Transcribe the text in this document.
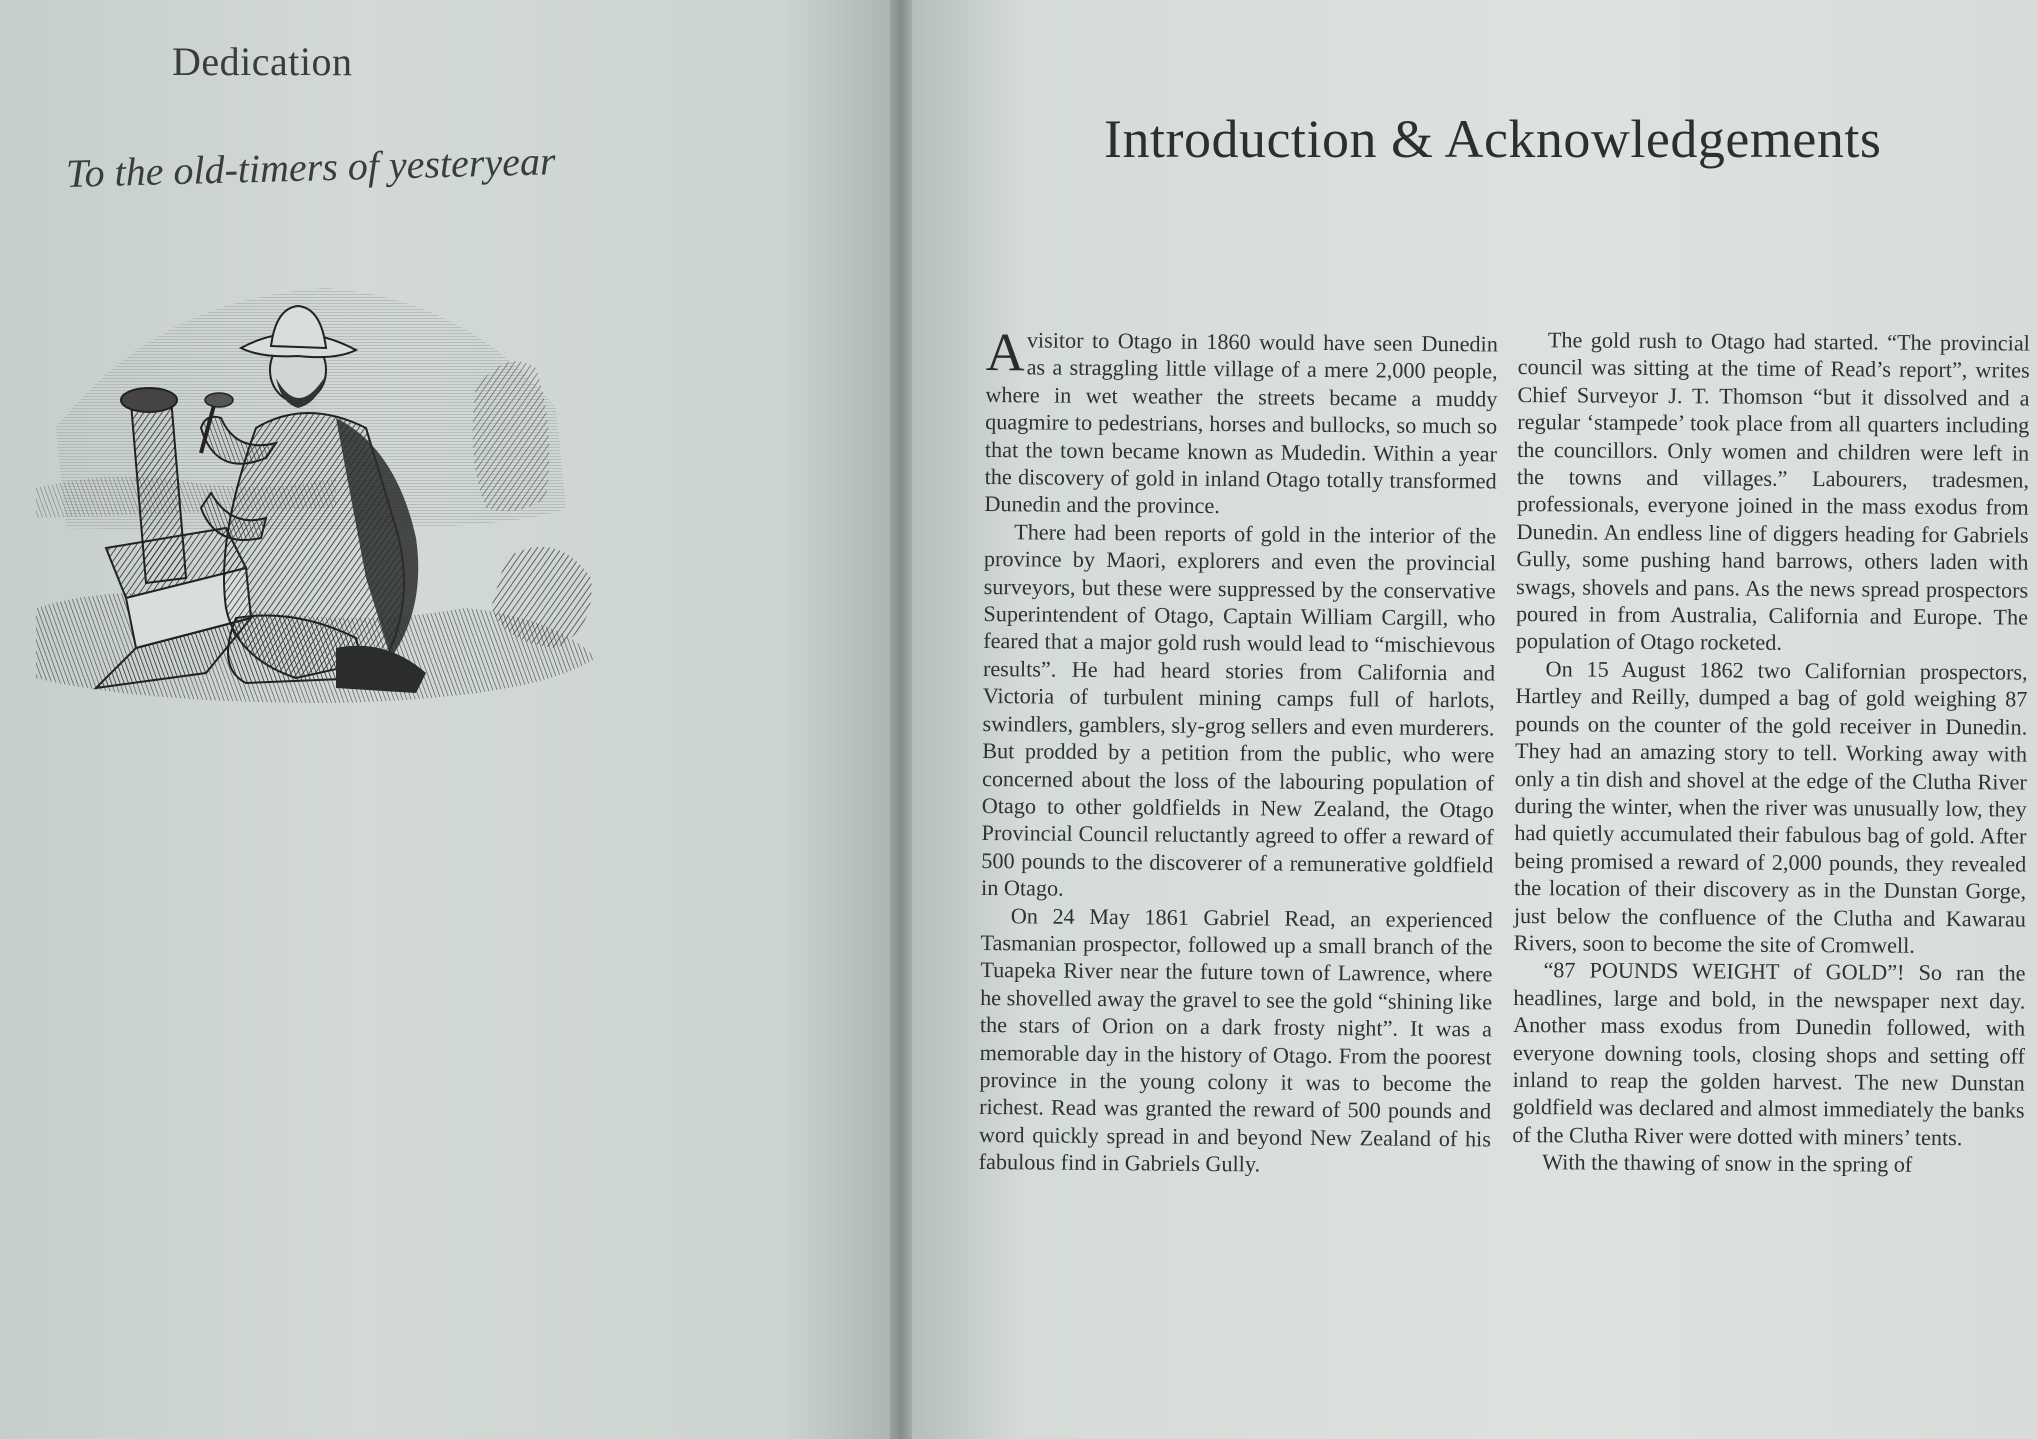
Dedication

To the old-timers of yesteryear	Introduction & Acknowledgements

Avisitor to Otago in 1860 would have seen Dunedin as a straggling little village of a mere 2,000 people, where in wet weather the streets became a muddy quagmire to pedestrians, horses and bullocks, so much so that the town became known as Mudedin. Within a year the discovery of gold in inland Otago totally transformed Dunedin and the province.

There had been reports of gold in the interior of the province by Maori, explorers and even the provincial surveyors, but these were suppressed by the conservative Superintendent of Otago, Captain William Cargill, who feared that a major gold rush would lead to “mischievous results”. He had heard stories from California and Victoria of turbulent mining camps full of harlots, swindlers, gamblers, sly-grog sellers and even murderers. But prodded by a petition from the public, who were concerned about the loss of the labouring population of Otago to other goldfields in New Zealand, the Otago Provincial Council reluctantly agreed to offer a reward of 500 pounds to the discoverer of a remunerative goldfield in Otago.

On 24 May 1861 Gabriel Read, an experienced Tasmanian prospector, followed up a small branch of the Tuapeka River near the future town of Lawrence, where he shovelled away the gravel to see the gold “shining like the stars of Orion on a dark frosty night”. It was a memorable day in the history of Otago. From the poorest province in the young colony it was to become the richest. Read was granted the reward of 500 pounds and word quickly spread in and beyond New Zealand of his fabulous find in Gabriels Gully.

The gold rush to Otago had started. “The provincial council was sitting at the time of Read’s report”, writes Chief Surveyor J. T. Thomson “but it dissolved and a regular ‘stampede’ took place from all quarters including the councillors. Only women and children were left in the towns and villages.” Labourers, tradesmen, professionals, everyone joined in the mass exodus from Dunedin. An endless line of diggers heading for Gabriels Gully, some pushing hand barrows, others laden with swags, shovels and pans. As the news spread prospectors poured in from Australia, California and Europe. The population of Otago rocketed.

On 15 August 1862 two Californian prospectors, Hartley and Reilly, dumped a bag of gold weighing 87 pounds on the counter of the gold receiver in Dunedin. They had an amazing story to tell. Working away with only a tin dish and shovel at the edge of the Clutha River during the winter, when the river was unusually low, they had quietly accumulated their fabulous bag of gold. After being promised a reward of 2,000 pounds, they revealed the location of their discovery as in the Dunstan Gorge, just below the confluence of the Clutha and Kawarau Rivers, soon to become the site of Cromwell.

“87 POUNDS WEIGHT of GOLD”! So ran the headlines, large and bold, in the newspaper next day. Another mass exodus from Dunedin followed, with everyone downing tools, closing shops and setting off inland to reap the golden harvest. The new Dunstan goldfield was declared and almost immediately the banks of the Clutha River were dotted with miners’ tents.

With the thawing of snow in the spring of
